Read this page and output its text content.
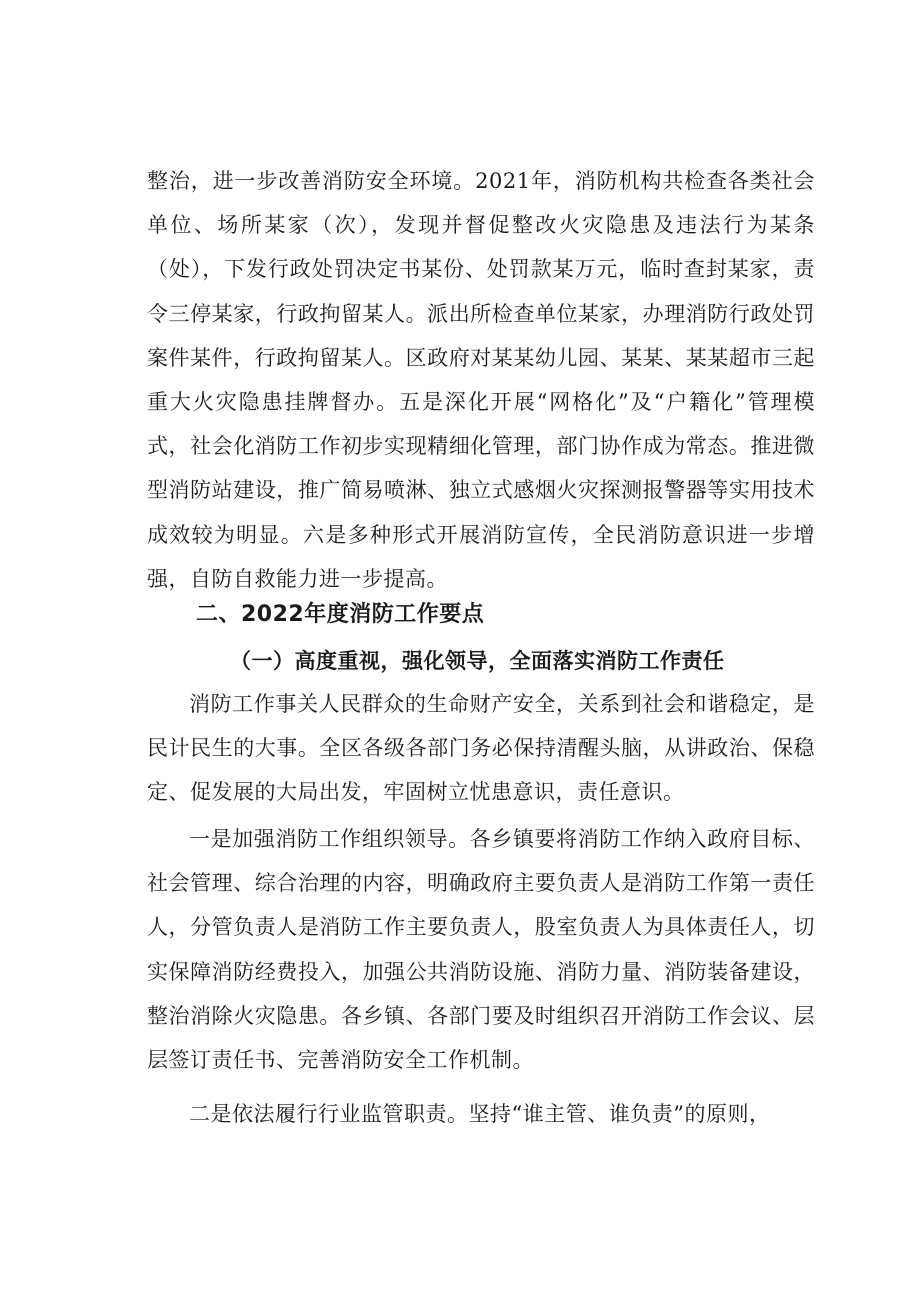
整治，进一步改善消防安全环境。2021年，消防机构共检查各类社会单位、场所某家（次），发现并督促整改火灾隐患及违法行为某条（处），下发行政处罚决定书某份、处罚款某万元，临时查封某家，责令三停某家，行政拘留某人。派出所检查单位某家，办理消防行政处罚案件某件，行政拘留某人。区政府对某某幼儿园、某某、某某超市三起重大火灾隐患挂牌督办。五是深化开展“网格化”及“户籍化”管理模式，社会化消防工作初步实现精细化管理，部门协作成为常态。推进微型消防站建设，推广简易喷淋、独立式感烟火灾探测报警器等实用技术成效较为明显。六是多种形式开展消防宣传，全民消防意识进一步增强，自防自救能力进一步提高。

二、2022年度消防工作要点
（一）高度重视，强化领导，全面落实消防工作责任

消防工作事关人民群众的生命财产安全，关系到社会和谐稳定，是民计民生的大事。全区各级各部门务必保持清醒头脑，从讲政治、保稳定、促发展的大局出发，牢固树立忧患意识，责任意识。

一是加强消防工作组织领导。各乡镇要将消防工作纳入政府目标、社会管理、综合治理的内容，明确政府主要负责人是消防工作第一责任人，分管负责人是消防工作主要负责人，股室负责人为具体责任人，切实保障消防经费投入，加强公共消防设施、消防力量、消防装备建设，整治消除火灾隐患。各乡镇、各部门要及时组织召开消防工作会议、层层签订责任书、完善消防安全工作机制。

二是依法履行行业监管职责。坚持“谁主管、谁负责”的原则，
